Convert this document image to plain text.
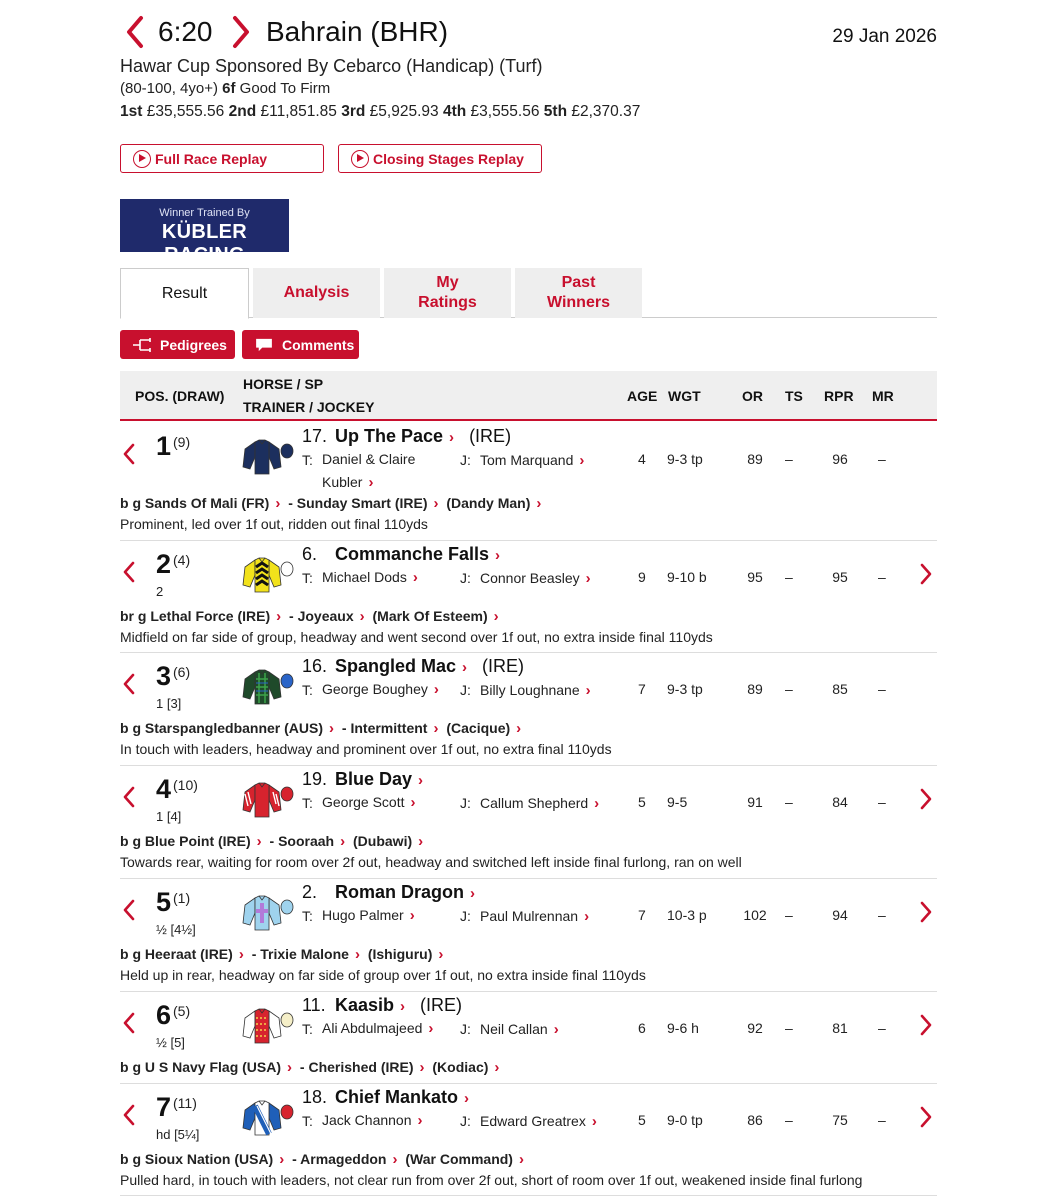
6:20 Bahrain (BHR)	29 Jan 2026
Hawar Cup Sponsored By Cebarco (Handicap) (Turf)
(80-100, 4yo+) 6f Good To Firm
1st £35,555.56 2nd £11,851.85 3rd £5,925.93 4th £3,555.56 5th £2,370.37
Full Race Replay	Closing Stages Replay
Winner Trained By
KÜBLER RACING
Result	Analysis
My
Ratings
Past
Winners
Pedigrees	Comments
POS. (DRAW)
HORSE / SP
TRAINER / JOCKEY
AGE WGT	OR TS RPR MR
1 (9)	17. Up The Pace › (IRE)
T: Daniel & Claire Kubler ›
J: Tom Marquand ›	4 9-3 tp	89	–	96	–
b g Sands Of Mali (FR) › - Sunday Smart (IRE) › (Dandy Man) ›
Prominent, led over 1f out, ridden out final 110yds
2 (4)
2
6. Commanche Falls ›
T: Michael Dods ›	J: Connor Beasley ›	9 9-10 b	95	–	95	–
br g Lethal Force (IRE) › - Joyeaux › (Mark Of Esteem) ›
Midfield on far side of group, headway and went second over 1f out, no extra inside final 110yds
3 (6)
1 [3]
16. Spangled Mac › (IRE)
T: George Boughey ›	J: Billy Loughnane ›	7 9-3 tp	89	–	85	–
b g Starspangledbanner (AUS) › - Intermittent › (Cacique) ›
In touch with leaders, headway and prominent over 1f out, no extra final 110yds
4 (10)
1 [4]
19. Blue Day ›
T: George Scott ›	J: Callum Shepherd ›	5 9-5	91	–	84	–
b g Blue Point (IRE) › - Sooraah › (Dubawi) ›
Towards rear, waiting for room over 2f out, headway and switched left inside final furlong, ran on well
5 (1)
½ [4½]
2. Roman Dragon ›
T: Hugo Palmer ›	J: Paul Mulrennan ›	7 10-3 p	102 –	94	–
b g Heeraat (IRE) › - Trixie Malone › (Ishiguru) ›
Held up in rear, headway on far side of group over 1f out, no extra inside final 110yds
6 (5)
½ [5]
11. Kaasib › (IRE)
T: Ali Abdulmajeed ›	J: Neil Callan ›	6 9-6 h	92	–	81	–
b g U S Navy Flag (USA) › - Cherished (IRE) › (Kodiac) ›
7 (11)
hd [5¼]
18. Chief Mankato ›
T: Jack Channon ›	J: Edward Greatrex ›	5 9-0 tp	86	–	75	–
b g Sioux Nation (USA) › - Armageddon › (War Command) ›
Pulled hard, in touch with leaders, not clear run from over 2f out, short of room over 1f out, weakened inside final furlong
